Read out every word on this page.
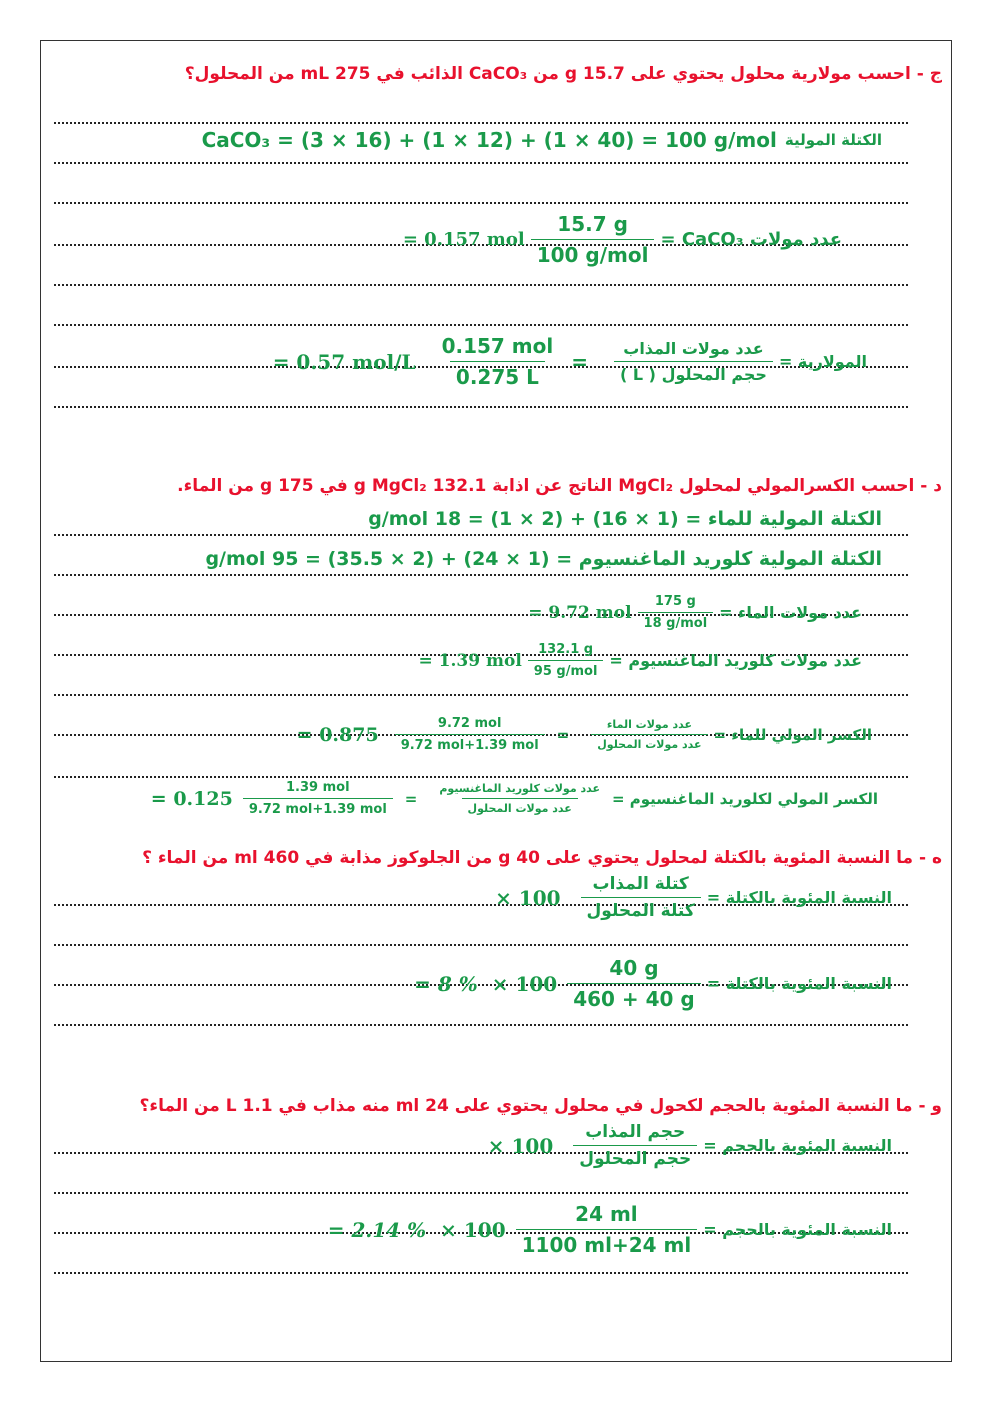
ج - احسب مولارية محلول يحتوي على 15.7 g من CaCO₃ الذائب في 275 mL من المحلول؟
CaCO₃ = (3 × 16) + (1 × 12) + (1 × 40) = 100 g/mol الكتلة المولية
= 0.157 mol $\frac{15.7 g}{\text{100 g/mol}}$ عدد مولات CaCO₃ =
= 0.57 $mol/L \frac{\text{0.157 mol}}{0.275 L} = \frac{\text{عدد مولات المذاب}}{\text{حجم المحلول ( L )}}$ المولارية =
د - احسب الكسرالمولي لمحلول MgCl₂ الناتج عن اذابة 132.1 g MgCl₂ في 175 g من الماء.
الكتلة المولية للماء = (1 × 16) + (2 × 1) = 18 g/mol
الكتلة المولية كلوريد الماغنسيوم = (1 × 24) + (2 × 35.5) = 95 g/mol
= 9.72 mol $\frac{175 g}{\text{18 g/mol}}$ عدد مولات الماء =
= 1.39 mol $\frac{132.1 g}{\text{95 g/mol}}$ عدد مولات كلوريد الماغنسيوم =
= $0.875 \frac{\text{9.72 mol}}{\text{9.72 mol+1.39 mol}} = \frac{\text{عدد مولات الماء}}{\text{عدد مولات المحلول}}$ الكسر المولي للماء =
= $0.125 \frac{\text{1.39 mol}}{\text{9.72 mol+1.39 mol}} = \frac{\text{عدد مولات كلوريد الماغنسيوم}}{\text{عدد مولات المحلول}}$ الكسر المولي لكلوريد الماغنسيوم =
ه - ما النسبة المئوية بالكتلة لمحلول يحتوي على 40 g من الجلوكوز مذابة في 460 ml من الماء ؟
× $100 \frac{\text{كتلة المذاب}}{\text{كتلة المحلول}}$ النسبة المئوية بالكتلة =
= 8 % × $100 \frac{40 g}{460 + 40 g}$ النسبة المئوية بالكتلة =
و - ما النسبة المئوية بالحجم لكحول في محلول يحتوي على 24 ml منه مذاب في 1.1 L من الماء؟
× $100 \frac{\text{حجم المذاب}}{\text{حجم المحلول}}$ النسبة المئوية بالحجم =
= 2.14 % × $100 \frac{24 ml}{1100 ml+24 ml}$ النسبة المئوية بالحجم =
